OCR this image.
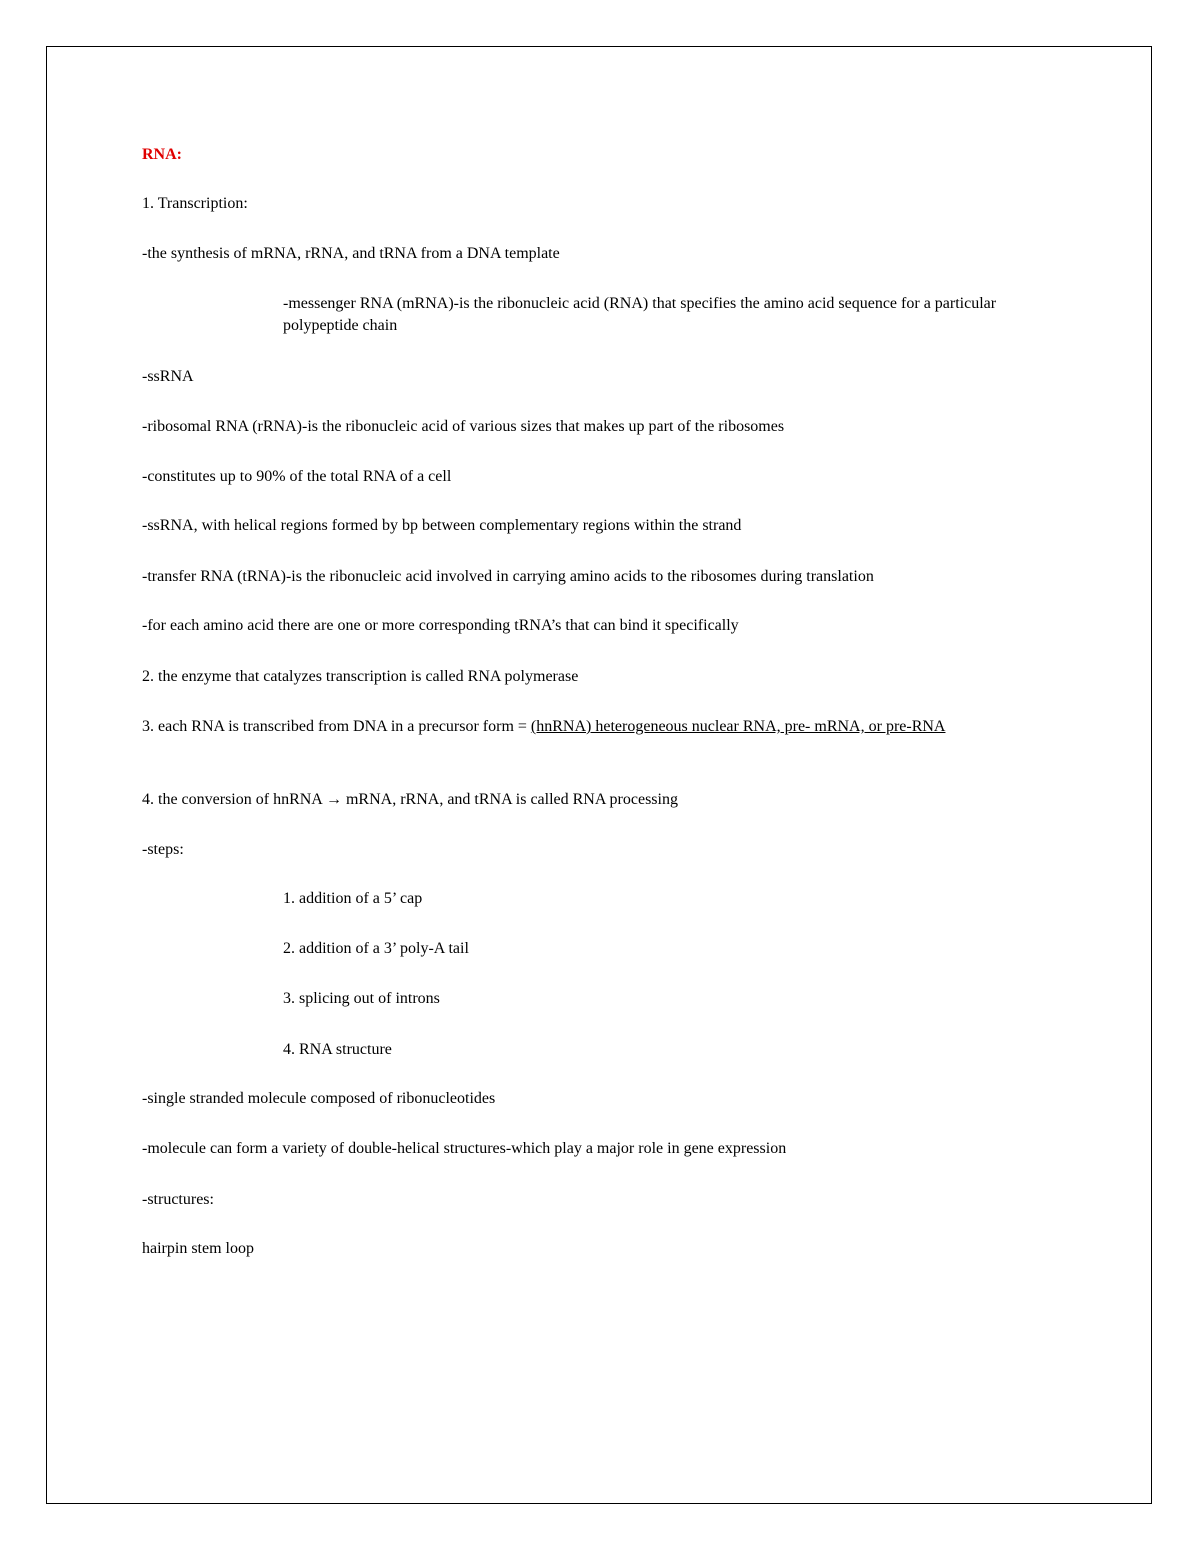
RNA:
1. Transcription:
-the synthesis of mRNA, rRNA, and tRNA from a DNA template
-messenger RNA (mRNA)-is the ribonucleic acid (RNA) that specifies the amino acid sequence for a particular polypeptide chain
-ssRNA
-ribosomal RNA (rRNA)-is the ribonucleic acid of various sizes that makes up part of the ribosomes
-constitutes up to 90% of the total RNA of a cell
-ssRNA, with helical regions formed by bp between complementary regions within the strand
-transfer RNA (tRNA)-is the ribonucleic acid involved in carrying amino acids to the ribosomes during translation
-for each amino acid there are one or more corresponding tRNA’s that can bind it specifically
2. the enzyme that catalyzes transcription is called RNA polymerase
3. each RNA is transcribed from DNA in a precursor form = (hnRNA) heterogeneous nuclear RNA, pre- mRNA, or pre-RNA
4. the conversion of hnRNA → mRNA, rRNA, and tRNA is called RNA processing
-steps:
1. addition of a 5’ cap
2. addition of a 3’ poly-A tail
3. splicing out of introns
4. RNA structure
-single stranded molecule composed of ribonucleotides
-molecule can form a variety of double-helical structures-which play a major role in gene expression
-structures:
hairpin stem loop
